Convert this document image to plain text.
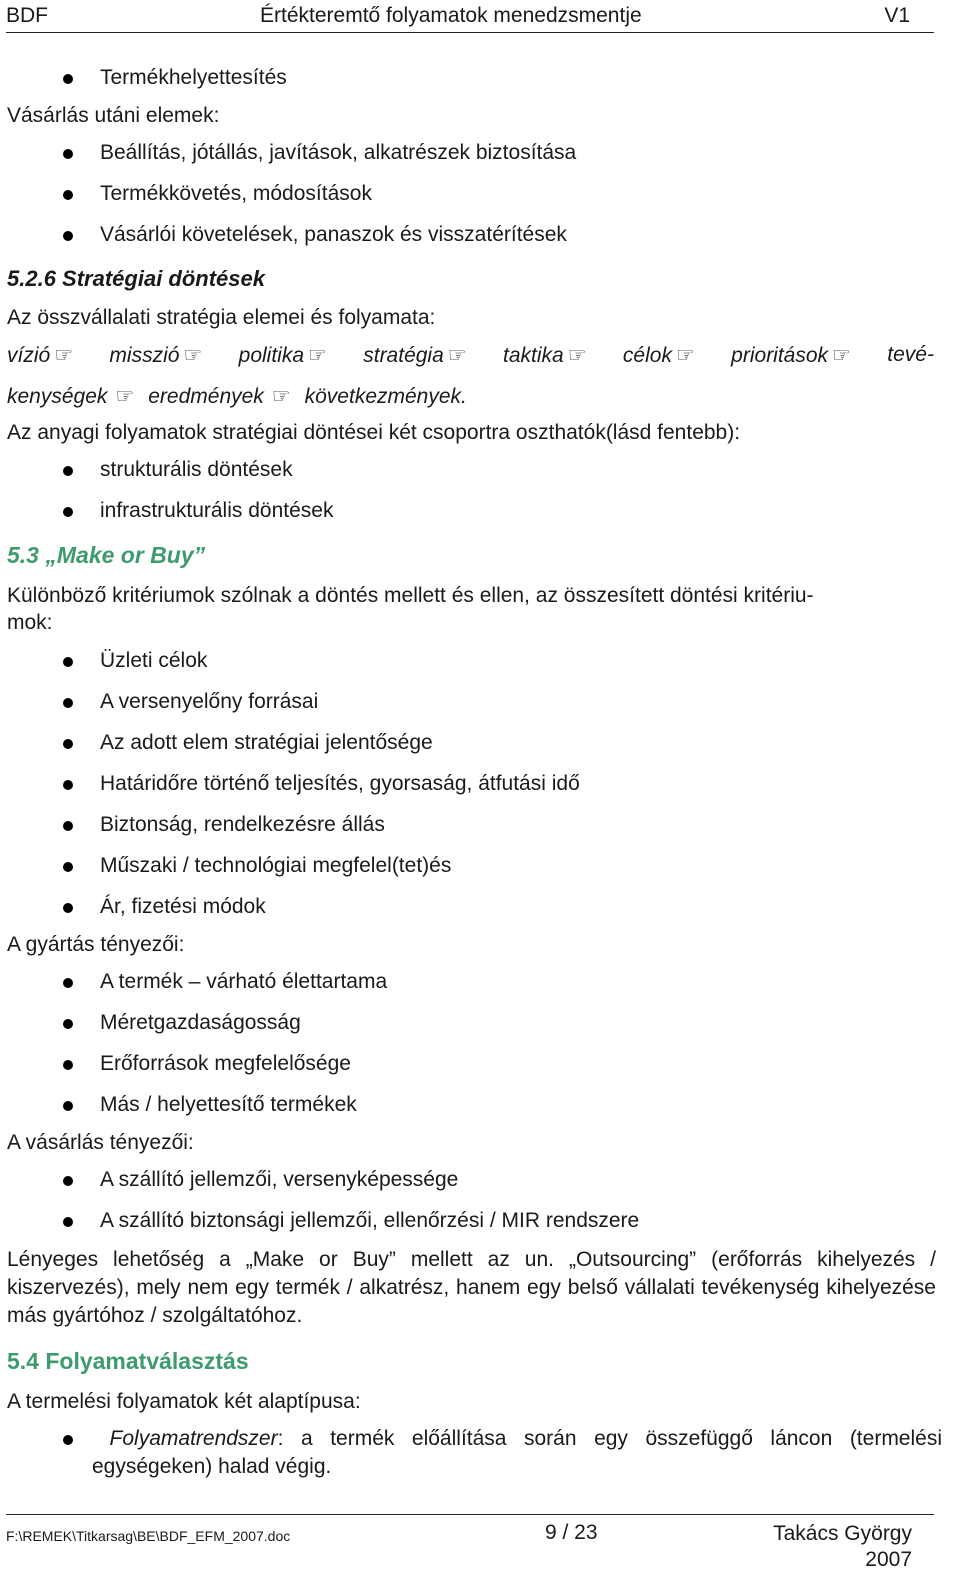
BDF	Értékteremtő folyamatok menedzsmentje	V1
Termékhelyettesítés
Vásárlás utáni elemek:
Beállítás, jótállás, javítások, alkatrészek biztosítása
Termékkövetés, módosítások
Vásárlói követelések, panaszok és visszatérítések
5.2.6 Stratégiai döntések
Az összvállalati stratégia elemei és folyamata:
vízió ☞ misszió ☞ politika ☞ stratégia ☞ taktika ☞ célok ☞ prioritások ☞ tevé-
kenységek ☞ eredmények ☞ következmények.
Az anyagi folyamatok stratégiai döntései két csoportra oszthatók(lásd fentebb):
strukturális döntések
infrastrukturális döntések
5.3 „Make or Buy”
Különböző kritériumok szólnak a döntés mellett és ellen, az összesített döntési kritériu-
mok:
Üzleti célok
A versenyelőny forrásai
Az adott elem stratégiai jelentősége
Határidőre történő teljesítés, gyorsaság, átfutási idő
Biztonság, rendelkezésre állás
Műszaki / technológiai megfelel(tet)és
Ár, fizetési módok
A gyártás tényezői:
A termék – várható élettartama
Méretgazdaságosság
Erőforrások megfelelősége
Más / helyettesítő termékek
A vásárlás tényezői:
A szállító jellemzői, versenyképessége
A szállító biztonsági jellemzői, ellenőrzési / MIR rendszere
Lényeges lehetőség a „Make or Buy” mellett az un. „Outsourcing” (erőforrás kihelyezés / kiszervezés), mely nem egy termék / alkatrész, hanem egy belső vállalati tevékenység kihelyezése más gyártóhoz / szolgáltatóhoz.
5.4 Folyamatválasztás
A termelési folyamatok két alaptípusa:
Folyamatrendszer: a termék előállítása során egy összefüggő láncon (termelési egységeken) halad végig.
F:\REMEK\Titkarsag\BE\BDF_EFM_2007.doc	9 / 23	Takács György
2007
